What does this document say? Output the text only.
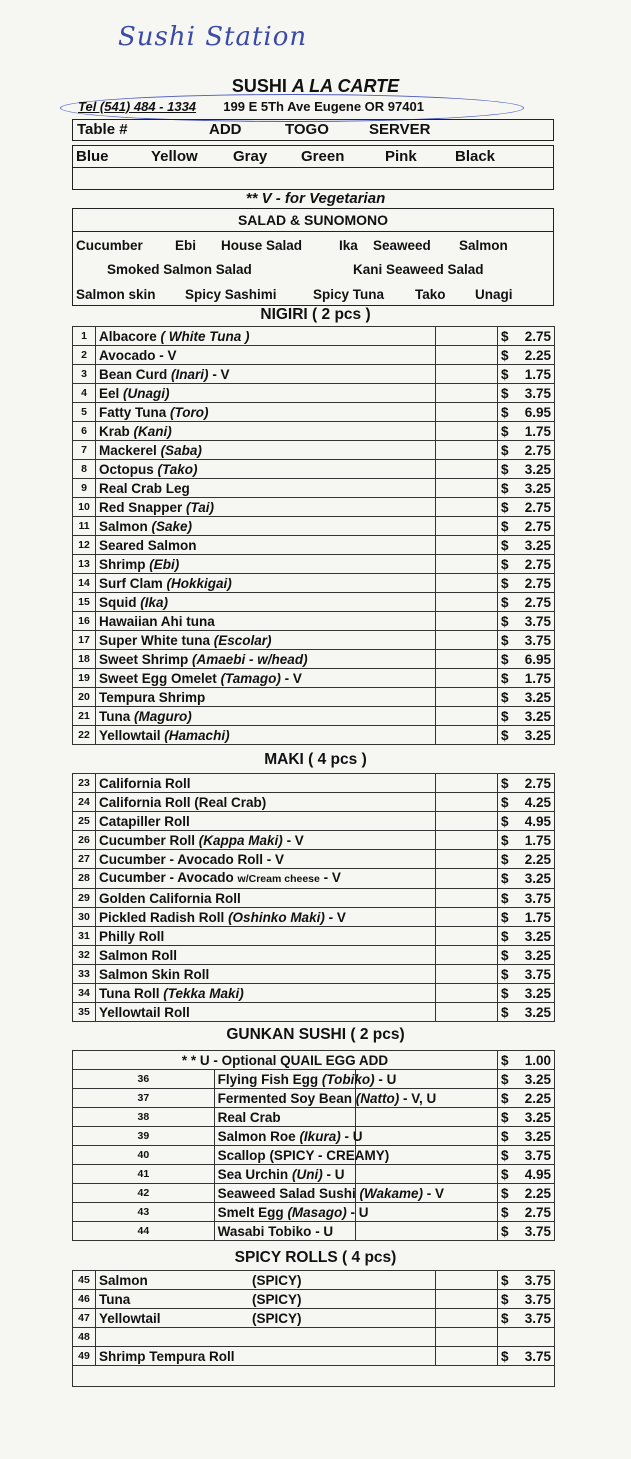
Sushi Station
SUSHI A LA CARTE
Tel (541) 484 - 1334 199 E 5Th Ave Eugene OR 97401
Table #	ADD	TOGO	SERVER
Blue	Yellow Gray Green	Pink	Black
** V - for Vegetarian
SALAD & SUNOMONO
Cucumber Ebi House Salad	Ika Seaweed Salmon
Smoked Salmon Salad	Kani Seaweed Salad
Salmon skin Spicy Sashimi	Spicy Tuna Tako Unagi
NIGIRI ( 2 pcs )
1	Albacore ( White Tuna )		$ 2.75

2	Avocado - V		$ 2.25

3	Bean Curd (Inari) - V		$ 1.75

4	Eel (Unagi)		$ 3.75

5	Fatty Tuna (Toro)		$ 6.95

6	Krab (Kani)		$ 1.75

7	Mackerel (Saba)		$ 2.75

8	Octopus (Tako)		$ 3.25

9	Real Crab Leg		$ 3.25

10	Red Snapper (Tai)		$ 2.75

11	Salmon (Sake)		$ 2.75

12	Seared Salmon		$ 3.25

13	Shrimp (Ebi)		$ 2.75

14	Surf Clam (Hokkigai)		$ 2.75

15	Squid (Ika)		$ 2.75

16	Hawaiian Ahi tuna		$ 3.75

17	Super White tuna (Escolar)		$ 3.75

18	Sweet Shrimp (Amaebi - w/head)		$ 6.95

19	Sweet Egg Omelet (Tamago) - V		$ 1.75

20	Tempura Shrimp		$ 3.25

21	Tuna (Maguro)		$ 3.25

22	Yellowtail (Hamachi)		$ 3.25
MAKI ( 4 pcs )
23	California Roll		$ 2.75

24	California Roll (Real Crab)		$ 4.25

25	Catapiller Roll		$ 4.95

26	Cucumber Roll (Kappa Maki) - V		$ 1.75

27	Cucumber - Avocado Roll - V		$ 2.25

28	Cucumber - Avocado w/Cream cheese - V		$ 3.25

29	Golden California Roll		$ 3.75

30	Pickled Radish Roll (Oshinko Maki) - V		$ 1.75

31	Philly Roll		$ 3.25

32	Salmon Roll		$ 3.25

33	Salmon Skin Roll		$ 3.75

34	Tuna Roll (Tekka Maki)		$ 3.25

35	Yellowtail Roll		$ 3.25
GUNKAN SUSHI ( 2 pcs)
* * U - Optional QUAIL EGG ADD			$ 1.00

36	Flying Fish Egg (Tobiko) - U		$ 3.25

37	Fermented Soy Bean (Natto) - V, U		$ 2.25

38	Real Crab		$ 3.25

39	Salmon Roe (Ikura) - U		$ 3.25

40	Scallop (SPICY - CREAMY)		$ 3.75

41	Sea Urchin (Uni) - U		$ 4.95

42	Seaweed Salad Sushi (Wakame) - V		$ 2.25

43	Smelt Egg (Masago) - U		$ 2.75

44	Wasabi Tobiko - U		$ 3.75
SPICY ROLLS ( 4 pcs)
45	Salmon (SPICY)		$ 3.75

46	Tuna (SPICY)		$ 3.75

47	Yellowtail (SPICY)		$ 3.75

48			
49	Shrimp Tempura Roll		$ 3.75
